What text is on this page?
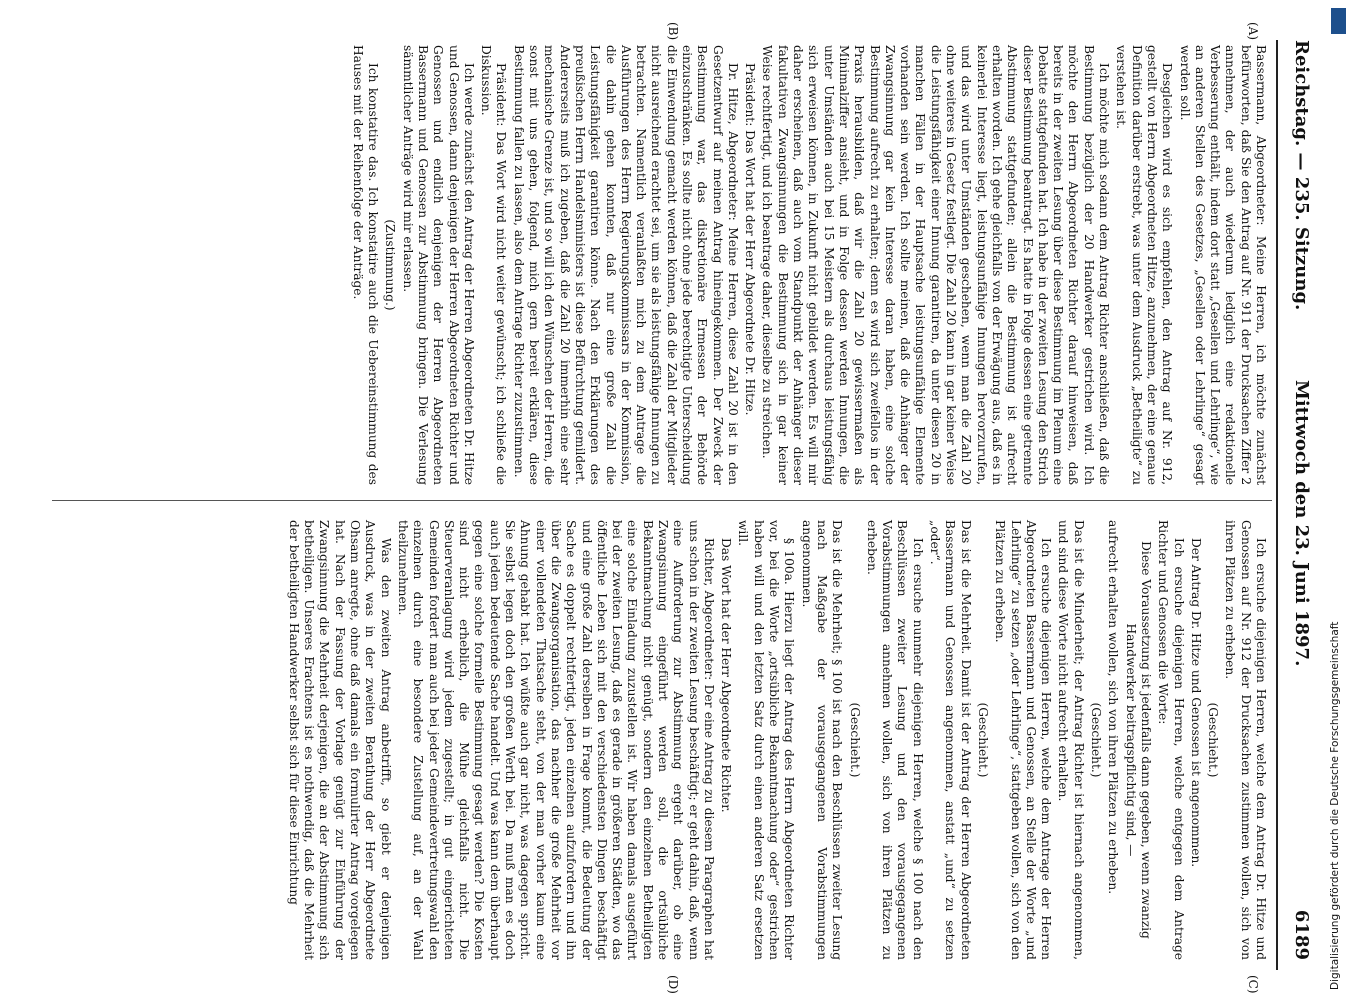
Reichstag. — 235. Sitzung.
Mittwoch den 23. Juni 1897.
6189
(A)
(B)
(C)
(D)

Bassermann, Abgeordneter: Meine Herren, ich möchte zunächst befürworten, daß Sie den Antrag auf Nr. 911 der Drucksachen Ziffer 2 annehmen, der auch wiederum lediglich eine redaktionelle Verbesserung enthält, indem dort statt „Gesellen und Lehrlinge“, wie an anderen Stellen des Gesetzes, „Gesellen oder Lehrlinge“ gesagt werden soll.

Desgleichen wird es sich empfehlen, den Antrag auf Nr. 912, gestellt von Herrn Abgeordneten Hitze, anzunehmen, der eine genaue Definition darüber erstrebt, was unter dem Ausdruck „Betheiligte“ zu verstehen ist.

Ich möchte mich sodann dem Antrag Richter anschließen, daß die Bestimmung bezüglich der 20 Handwerker gestrichen wird. Ich möchte den Herrn Abgeordneten Richter darauf hinweisen, daß bereits in der zweiten Lesung über diese Bestimmung im Plenum eine Debatte stattgefunden hat. Ich habe in der zweiten Lesung den Strich dieser Bestimmung beantragt. Es hatte in Folge dessen eine getrennte Abstimmung stattgefunden; allein die Bestimmung ist aufrecht erhalten worden. Ich gehe gleichfalls von der Erwägung aus, daß es in keinerlei Interesse liegt, leistungsunfähige Innungen hervorzurufen, und das wird unter Umständen geschehen, wenn man die Zahl 20 ohne weiteres in Gesetz festlegt. Die Zahl 20 kann in gar keiner Weise die Leistungsfähigkeit einer Innung garantiren, da unter diesen 20 in manchen Fällen in der Hauptsache leistungsunfähige Elemente vorhanden sein werden. Ich sollte meinen, daß die Anhänger der Zwangsinnung gar kein Interesse daran haben, eine solche Bestimmung aufrecht zu erhalten; denn es wird sich zweifellos in der Praxis herausbilden, daß wir die Zahl 20 gewissermaßen als Minimalziffer ansieht, und in Folge dessen werden Innungen, die unter Umständen auch bei 15 Meistern als durchaus leistungsfähig sich erweisen können, in Zukunft nicht gebildet werden. Es will mir daher erscheinen, daß auch vom Standpunkt der Anhänger dieser fakultativen Zwangsinnungen die Bestimmung sich in gar keiner Weise rechtfertigt, und ich beantrage daher, dieselbe zu streichen.

Präsident: Das Wort hat der Herr Abgeordnete Dr. Hitze.

Dr. Hitze, Abgeordneter: Meine Herren, diese Zahl 20 ist in den Gesetzentwurf auf meinen Antrag hineingekommen. Der Zweck der Bestimmung war, das diskretionäre Ermessen der Behörde einzuschränken. Es sollte nicht ohne jede berechtigte Unterscheidung die Einwendung gemacht werden können, daß die Zahl der Mitglieder nicht ausreichend erachtet sei, um sie als leistungsfähige Innungen zu betrachten. Namentlich veranlaßten mich zu dem Antrage die Ausführungen des Herrn Regierungskommissars in der Kommission, die dahin gehen konnten, daß nur eine große Zahl die Leistungsfähigkeit garantiren könne. Nach den Erklärungen des preußischen Herrn Handelsministers ist diese Befürchtung gemildert. Andererseits muß ich zugeben, daß die Zahl 20 immerhin eine sehr mechanische Grenze ist, und so will ich den Wünschen der Herren, die sonst mit uns gehen, folgend, mich gern bereit erklären, diese Bestimmung fallen zu lassen, also dem Antrage Richter zuzustimmen.

Präsident: Das Wort wird nicht weiter gewünscht; ich schließe die Diskussion.

Ich werde zunächst den Antrag der Herren Abgeordneten Dr. Hitze und Genossen, dann denjenigen der Herren Abgeordneten Richter und Genossen und endlich denjenigen der Herren Abgeordneten Bassermann und Genossen zur Abstimmung bringen. Die Verlesung sämmtlicher Anträge wird mir erlassen.

(Zustimmung.)

Ich konstatire das. Ich konstatire auch die Uebereinstimmung des Hauses mit der Reihenfolge der Anträge.

Ich ersuche diejenigen Herren, welche dem Antrag Dr. Hitze und Genossen auf Nr. 912 der Drucksachen zustimmen wollen, sich von ihren Plätzen zu erheben.

(Geschieht.)

Der Antrag Dr. Hitze und Genossen ist angenommen.

Ich ersuche diejenigen Herren, welche entgegen dem Antrage Richter und Genossen die Worte:

Diese Voraussetzung ist jedenfalls dann gegeben, wenn zwanzig Handwerker beitragspflichtig sind, —

aufrecht erhalten wollen, sich von ihren Plätzen zu erheben.

(Geschieht.)

Das ist die Minderheit; der Antrag Richter ist hiernach angenommen, und sind diese Worte nicht aufrecht erhalten.

Ich ersuche diejenigen Herren, welche dem Antrage der Herren Abgeordneten Bassermann und Genossen, an Stelle der Worte „und Lehrlinge“ zu setzen „oder Lehrlinge“, stattgeben wollen, sich von den Plätzen zu erheben.

(Geschieht.)

Das ist die Mehrheit. Damit ist der Antrag der Herren Abgeordneten Bassermann und Genossen angenommen, anstatt „und“ zu setzen „oder“.

Ich ersuche nunmehr diejenigen Herren, welche § 100 nach den Beschlüssen zweiter Lesung und den vorausgegangenen Vorabstimmungen annehmen wollen, sich von ihren Plätzen zu erheben.

(Geschieht.)

Das ist die Mehrheit; § 100 ist nach den Beschlüssen zweiter Lesung nach Maßgabe der vorausgegangenen Vorabstimmungen angenommen.

§ 100a. Hierzu liegt der Antrag des Herrn Abgeordneten Richter vor, bei die Worte „ortsübliche Bekanntmachung oder“ gestrichen haben will und den letzten Satz durch einen anderen Satz ersetzen will.

Das Wort hat der Herr Abgeordnete Richter.

Richter, Abgeordneter: Der eine Antrag zu diesem Paragraphen hat uns schon in der zweiten Lesung beschäftigt; er geht dahin, daß, wenn eine Aufforderung zur Abstimmung ergeht darüber, ob eine Zwangsinnung eingeführt werden soll, die ortsübliche Bekanntmachung nicht genügt, sondern den einzelnen Betheiligten eine solche Einladung zuzustellen ist. Wir haben damals ausgeführt bei der zweiten Lesung, daß es gerade in größeren Städten, wo das öffentliche Leben sich mit den verschiedensten Dingen beschäftigt und eine große Zahl derselben in Frage kommt, die Bedeutung der Sache es doppelt rechtfertigt, jeden einzelnen aufzufordern und ihn über die Zwangsorganisation, das nachher die große Mehrheit vor einer vollendeten Thatsache steht, von der man vorher kaum eine Ahnung gehabt hat. Ich wüßte auch gar nicht, was dagegen spricht. Sie selbst legen doch den großen Werth bei. Da muß man es doch auch jedem bedeutende Sache handelt. Und was kann dem überhaupt gegen eine solche formelle Bestimmung gesagt werden? Die Kosten sind nicht erheblich, die Mühe gleichfalls nicht. Die Steuerveranlagung wird jedem zugestellt; in gut eingerichteten Gemeinden fordert man auch bei jeder Gemeindevertretungswahl den einzelnen durch eine besondere Zustellung auf, an der Wahl theilzunehmen.

Was den zweiten Antrag anbetrifft, so giebt er denjenigen Ausdruck, was in der zweiten Berathung der Herr Abgeordnete Ohsam anregte, ohne daß damals ein formulirter Antrag vorgelegen hat. Nach der Fassung der Vorlage genügt zur Einführung der Zwangsinnung die Mehrheit derjenigen, die an der Abstimmung sich betheiligen. Unseres Erachtens ist es nothwendig, daß die Mehrheit der betheiligten Handwerker selbst sich für diese Einrichtung	Digitalisierung gefördert durch die Deutsche Forschungsgemeinschaft
